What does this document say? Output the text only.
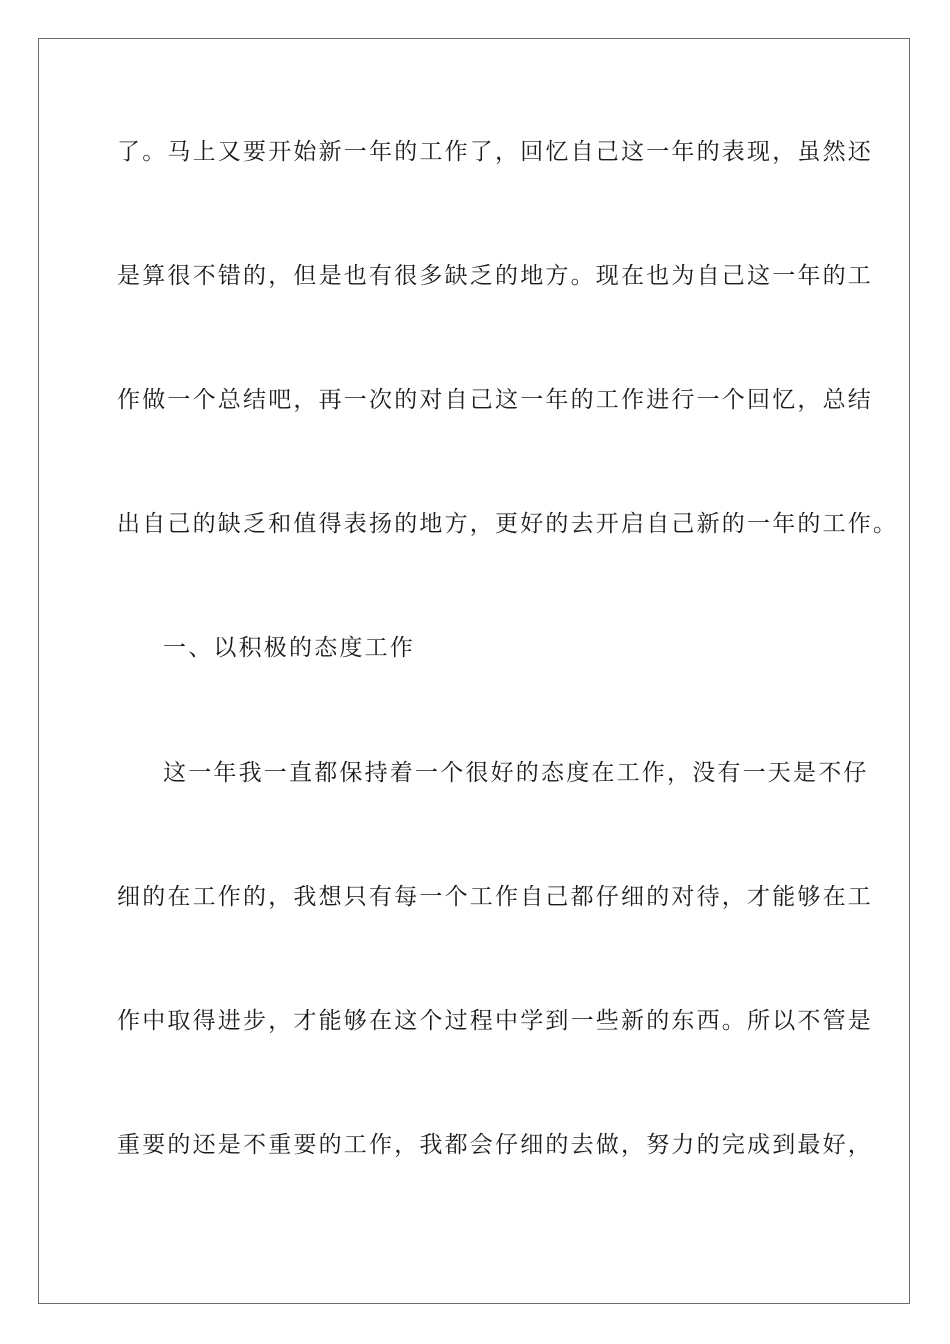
了。马上又要开始新一年的工作了，回忆自己这一年的表现，虽然还
是算很不错的，但是也有很多缺乏的地方。现在也为自己这一年的工
作做一个总结吧，再一次的对自己这一年的工作进行一个回忆，总结
出自己的缺乏和值得表扬的地方，更好的去开启自己新的一年的工作。
一、以积极的态度工作
这一年我一直都保持着一个很好的态度在工作，没有一天是不仔
细的在工作的，我想只有每一个工作自己都仔细的对待，才能够在工
作中取得进步，才能够在这个过程中学到一些新的东西。所以不管是
重要的还是不重要的工作，我都会仔细的去做，努力的完成到最好，
